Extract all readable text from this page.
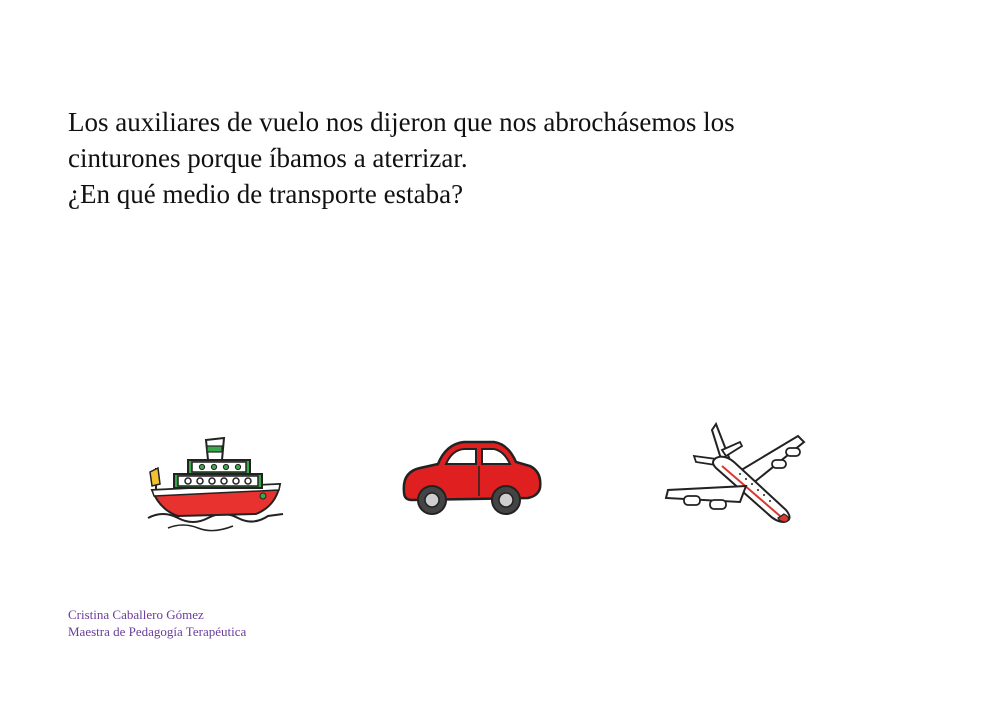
Los auxiliares de vuelo nos dijeron que nos abrochásemos los
cinturones porque íbamos a aterrizar.
¿En qué medio de transporte estaba?
Cristina Caballero Gómez
Maestra de Pedagogía Terapéutica
